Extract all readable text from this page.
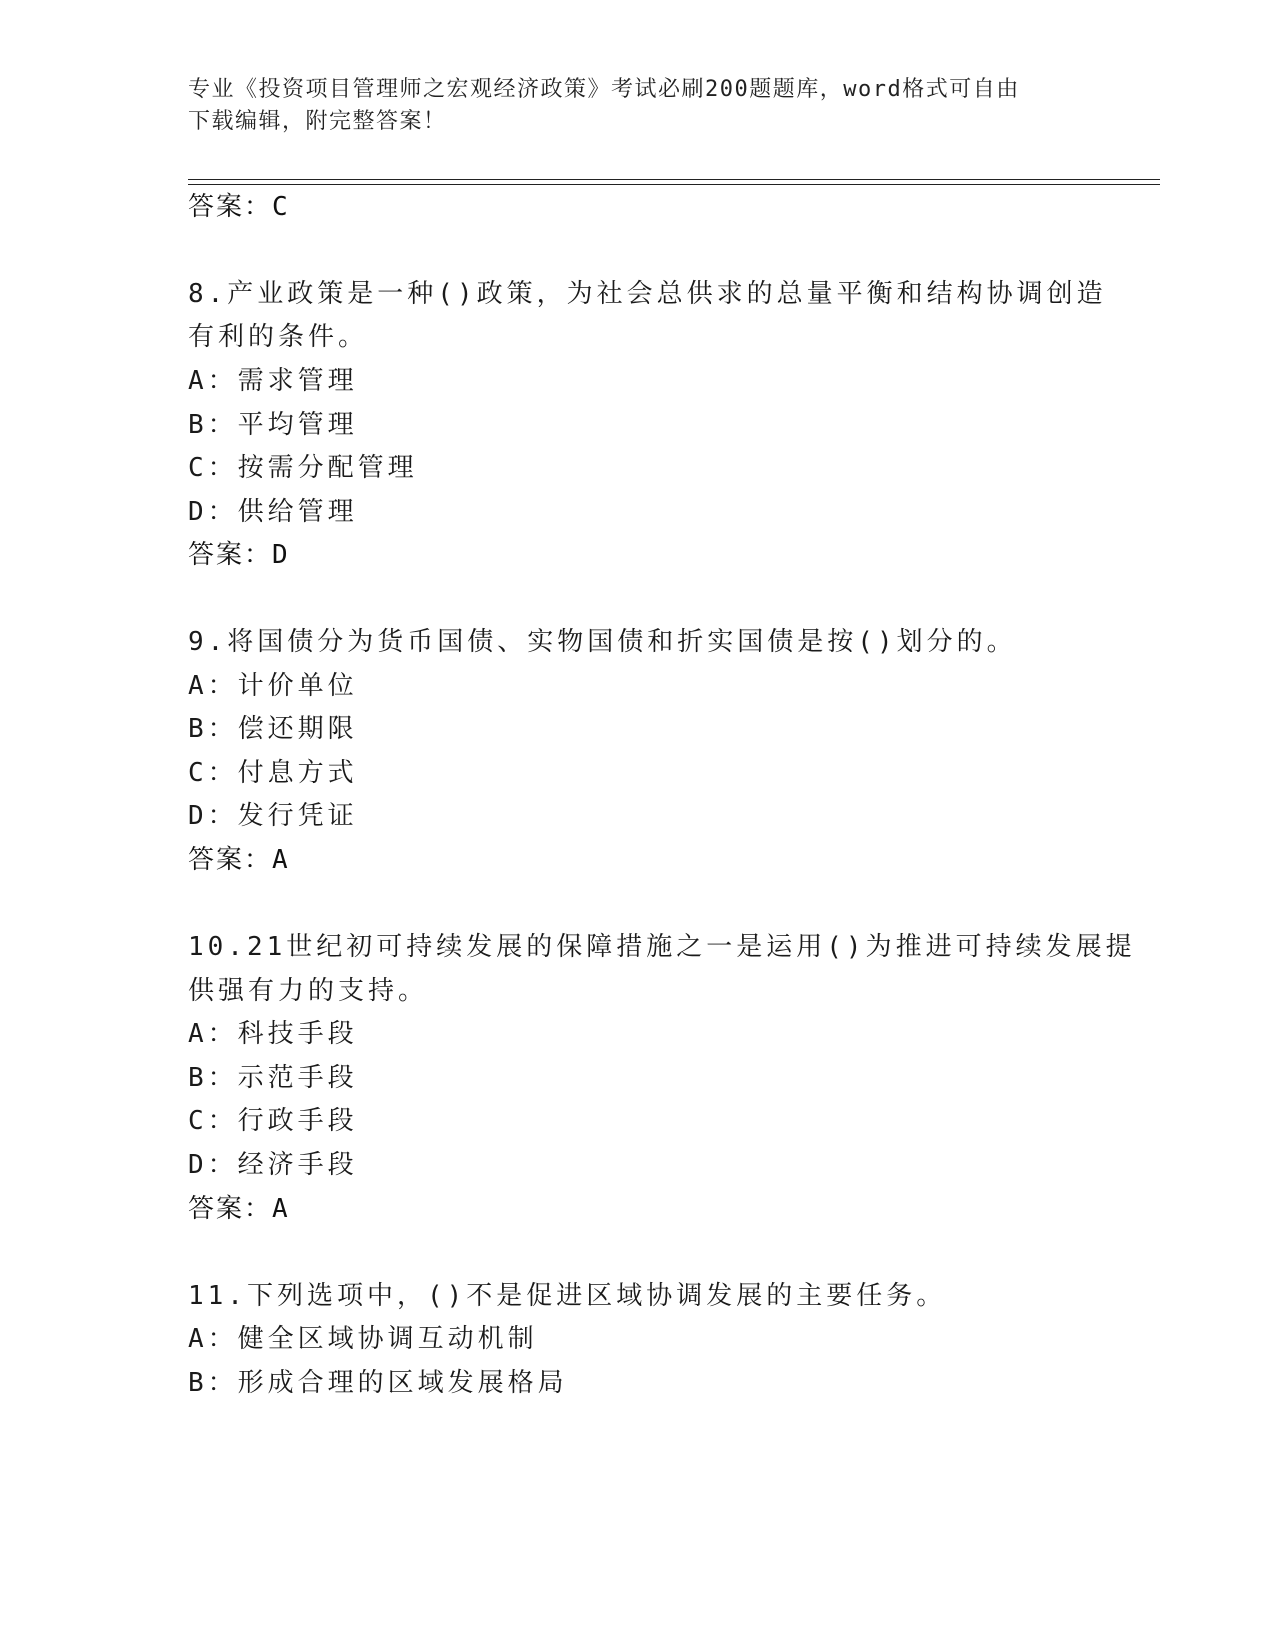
专业《投资项目管理师之宏观经济政策》考试必刷200题题库，word格式可自由
下载编辑，附完整答案！
答案：C
8.产业政策是一种()政策，为社会总供求的总量平衡和结构协调创造
有利的条件。
A：需求管理
B：平均管理
C：按需分配管理
D：供给管理
答案：D
9.将国债分为货币国债、实物国债和折实国债是按()划分的。
A：计价单位
B：偿还期限
C：付息方式
D：发行凭证
答案：A
10.21世纪初可持续发展的保障措施之一是运用()为推进可持续发展提
供强有力的支持。
A：科技手段
B：示范手段
C：行政手段
D：经济手段
答案：A
11.下列选项中，()不是促进区域协调发展的主要任务。
A：健全区域协调互动机制
B：形成合理的区域发展格局
